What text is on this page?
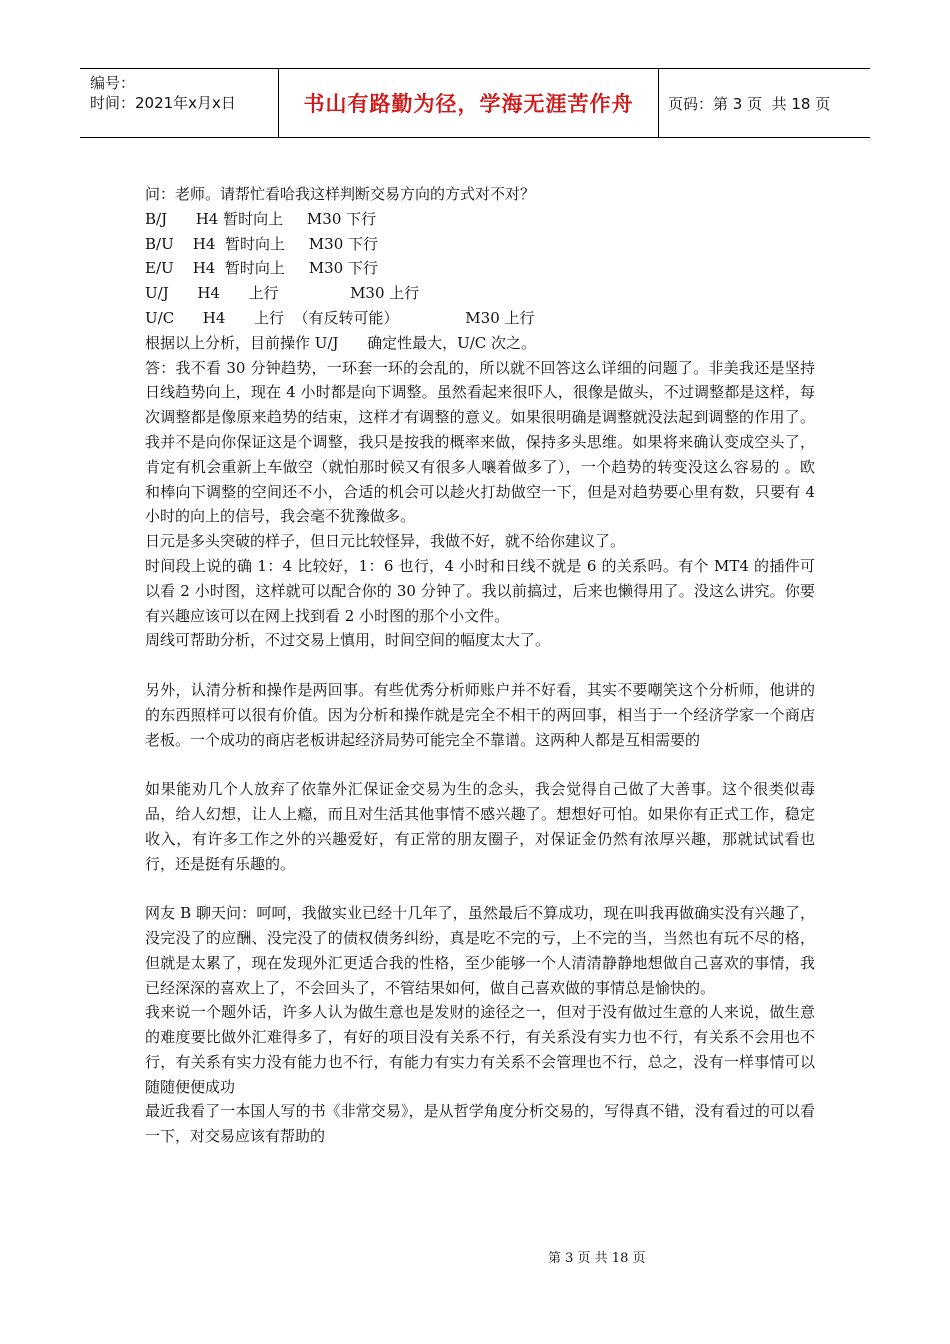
编号：
时间：2021年x月x日	书山有路勤为径，学海无涯苦作舟	页码：第 3 页  共 18 页

问：老师。请帮忙看哈我这样判断交易方向的方式对不对？

B/J      H4 暂时向上     M30 下行

B/U    H4  暂时向上     M30 下行

E/U    H4  暂时向上     M30 下行

U/J      H4      上行               M30 上行

U/C      H4      上行  （有反转可能）              M30 上行

根据以上分析，目前操作 U/J      确定性最大，U/C 次之。

答：我不看 30 分钟趋势，一环套一环的会乱的，所以就不回答这么详细的问题了。非美我还是坚持日线趋势向上，现在 4 小时都是向下调整。虽然看起来很吓人，很像是做头，不过调整都是这样，每次调整都是像原来趋势的结束，这样才有调整的意义。如果很明确是调整就没法起到调整的作用了。我并不是向你保证这是个调整，我只是按我的概率来做，保持多头思维。如果将来确认变成空头了，肯定有机会重新上车做空（就怕那时候又有很多人嚷着做多了），一个趋势的转变没这么容易的 。欧和棒向下调整的空间还不小，合适的机会可以趁火打劫做空一下，但是对趋势要心里有数，只要有 4 小时的向上的信号，我会毫不犹豫做多。

日元是多头突破的样子，但日元比较怪异，我做不好，就不给你建议了。

时间段上说的确 1：4 比较好，1：6 也行，4 小时和日线不就是 6 的关系吗。有个 MT4 的插件可以看 2 小时图，这样就可以配合你的 30 分钟了。我以前搞过，后来也懒得用了。没这么讲究。你要有兴趣应该可以在网上找到看 2 小时图的那个小文件。

周线可帮助分析，不过交易上慎用，时间空间的幅度太大了。

另外，认清分析和操作是两回事。有些优秀分析师账户并不好看，其实不要嘲笑这个分析师，他讲的的东西照样可以很有价值。因为分析和操作就是完全不相干的两回事，相当于一个经济学家一个商店老板。一个成功的商店老板讲起经济局势可能完全不靠谱。这两种人都是互相需要的

如果能劝几个人放弃了依靠外汇保证金交易为生的念头，我会觉得自己做了大善事。这个很类似毒品，给人幻想，让人上瘾，而且对生活其他事情不感兴趣了。想想好可怕。如果你有正式工作，稳定收入，有许多工作之外的兴趣爱好，有正常的朋友圈子，对保证金仍然有浓厚兴趣，那就试试看也行，还是挺有乐趣的。

网友 B 聊天问：呵呵，我做实业已经十几年了，虽然最后不算成功，现在叫我再做确实没有兴趣了，没完没了的应酬、没完没了的债权债务纠纷，真是吃不完的亏，上不完的当，当然也有玩不尽的格，但就是太累了，现在发现外汇更适合我的性格，至少能够一个人清清静静地想做自己喜欢的事情，我已经深深的喜欢上了，不会回头了，不管结果如何，做自己喜欢做的事情总是愉快的。

我来说一个题外话，许多人认为做生意也是发财的途径之一，但对于没有做过生意的人来说，做生意的难度要比做外汇难得多了，有好的项目没有关系不行，有关系没有实力也不行，有关系不会用也不行，有关系有实力没有能力也不行，有能力有实力有关系不会管理也不行，总之，没有一样事情可以随随便便成功

最近我看了一本国人写的书《非常交易》，是从哲学角度分析交易的，写得真不错，没有看过的可以看一下，对交易应该有帮助的

第 3 页 共 18 页
